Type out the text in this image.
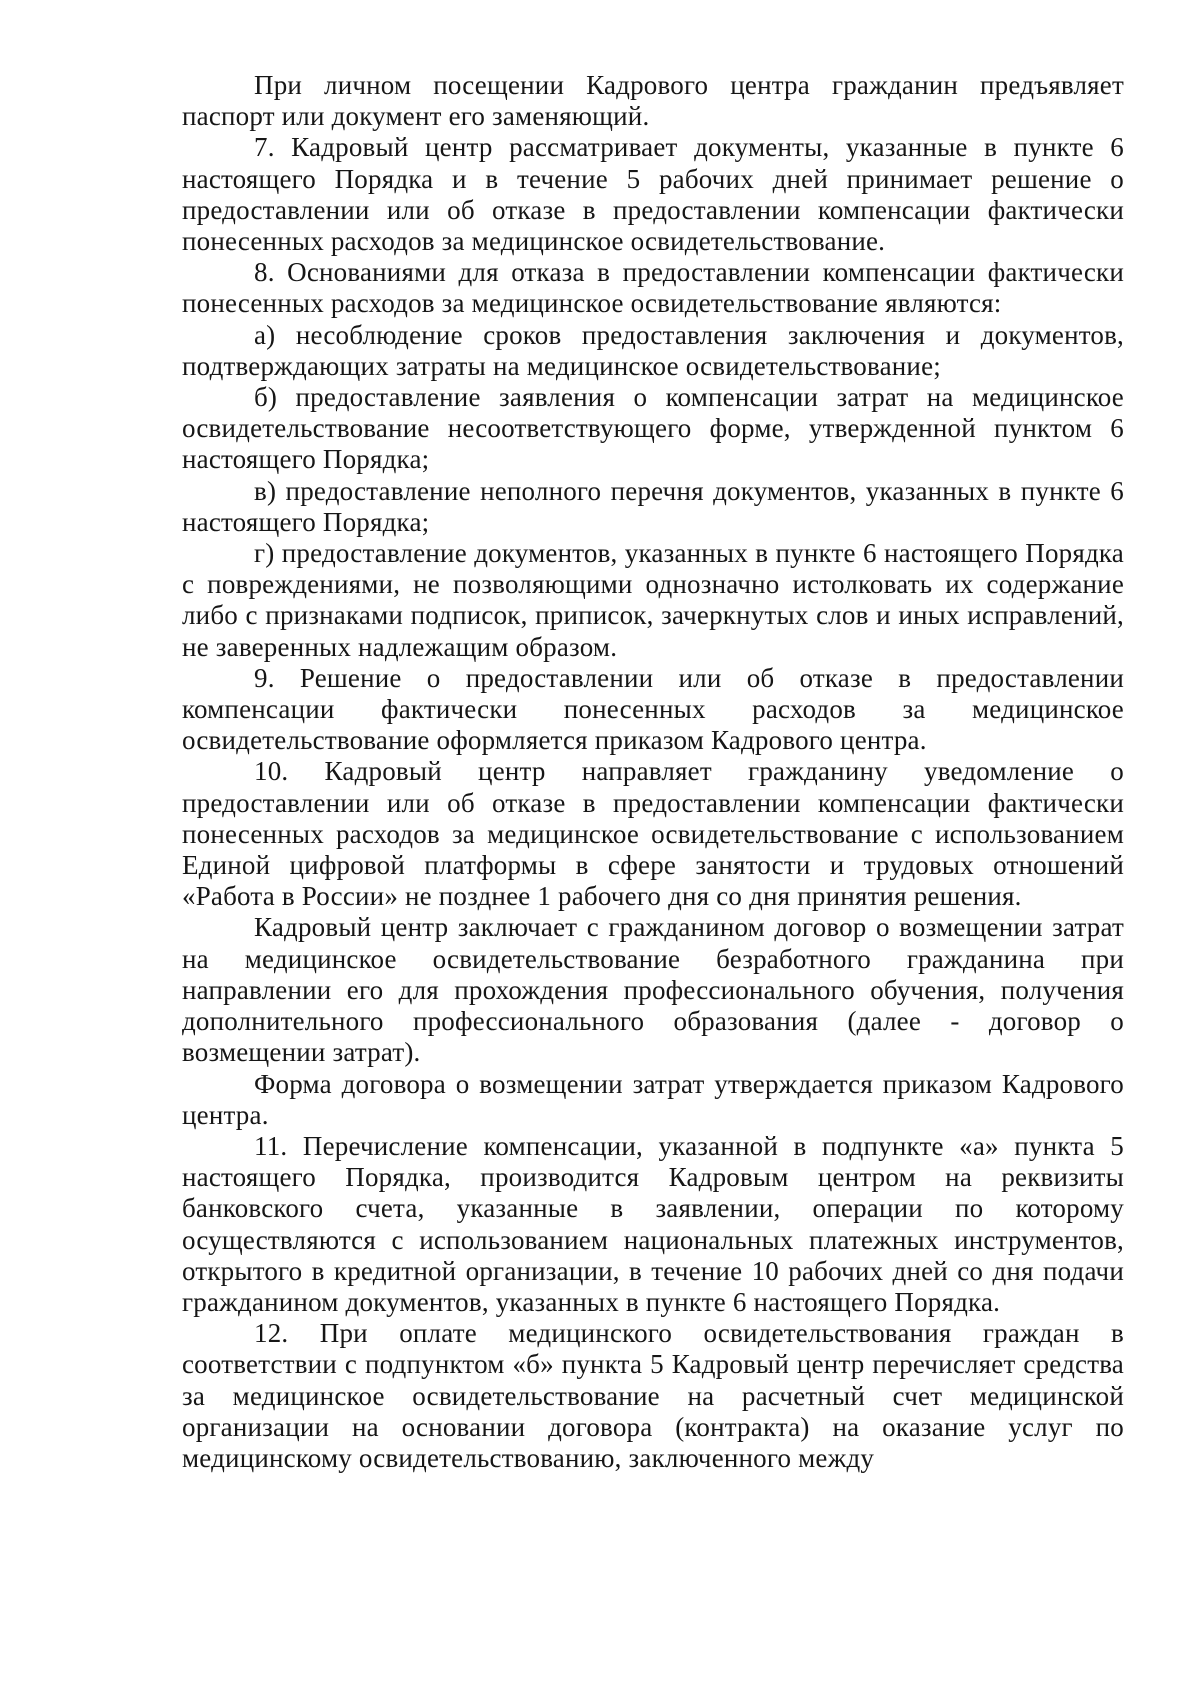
При личном посещении Кадрового центра гражданин предъявляет паспорт или документ его заменяющий.

7. Кадровый центр рассматривает документы, указанные в пункте 6 настоящего Порядка и в течение 5 рабочих дней принимает решение о предоставлении или об отказе в предоставлении компенсации фактически понесенных расходов за медицинское освидетельствование.

8. Основаниями для отказа в предоставлении компенсации фактически понесенных расходов за медицинское освидетельствование являются:

а) несоблюдение сроков предоставления заключения и документов, подтверждающих затраты на медицинское освидетельствование;

б) предоставление заявления о компенсации затрат на медицинское освидетельствование несоответствующего форме, утвержденной пунктом 6 настоящего Порядка;

в) предоставление неполного перечня документов, указанных в пункте 6 настоящего Порядка;

г) предоставление документов, указанных в пункте 6 настоящего Порядка с повреждениями, не позволяющими однозначно истолковать их содержание либо с признаками подписок, приписок, зачеркнутых слов и иных исправлений, не заверенных надлежащим образом.

9. Решение о предоставлении или об отказе в предоставлении компенсации фактически понесенных расходов за медицинское освидетельствование оформляется приказом Кадрового центра.

10. Кадровый центр направляет гражданину уведомление о предоставлении или об отказе в предоставлении компенсации фактически понесенных расходов за медицинское освидетельствование с использованием Единой цифровой платформы в сфере занятости и трудовых отношений «Работа в России» не позднее 1 рабочего дня со дня принятия решения.

Кадровый центр заключает с гражданином договор о возмещении затрат на медицинское освидетельствование безработного гражданина при направлении его для прохождения профессионального обучения, получения дополнительного профессионального образования (далее - договор о возмещении затрат).

Форма договора о возмещении затрат утверждается приказом Кадрового центра.

11. Перечисление компенсации, указанной в подпункте «а» пункта 5 настоящего Порядка, производится Кадровым центром на реквизиты банковского счета, указанные в заявлении, операции по которому осуществляются с использованием национальных платежных инструментов, открытого в кредитной организации, в течение 10 рабочих дней со дня подачи гражданином документов, указанных в пункте 6 настоящего Порядка.

12. При оплате медицинского освидетельствования граждан в соответствии с подпунктом «б» пункта 5 Кадровый центр перечисляет средства за медицинское освидетельствование на расчетный счет медицинской организации на основании договора (контракта) на оказание услуг по медицинскому освидетельствованию, заключенного между
